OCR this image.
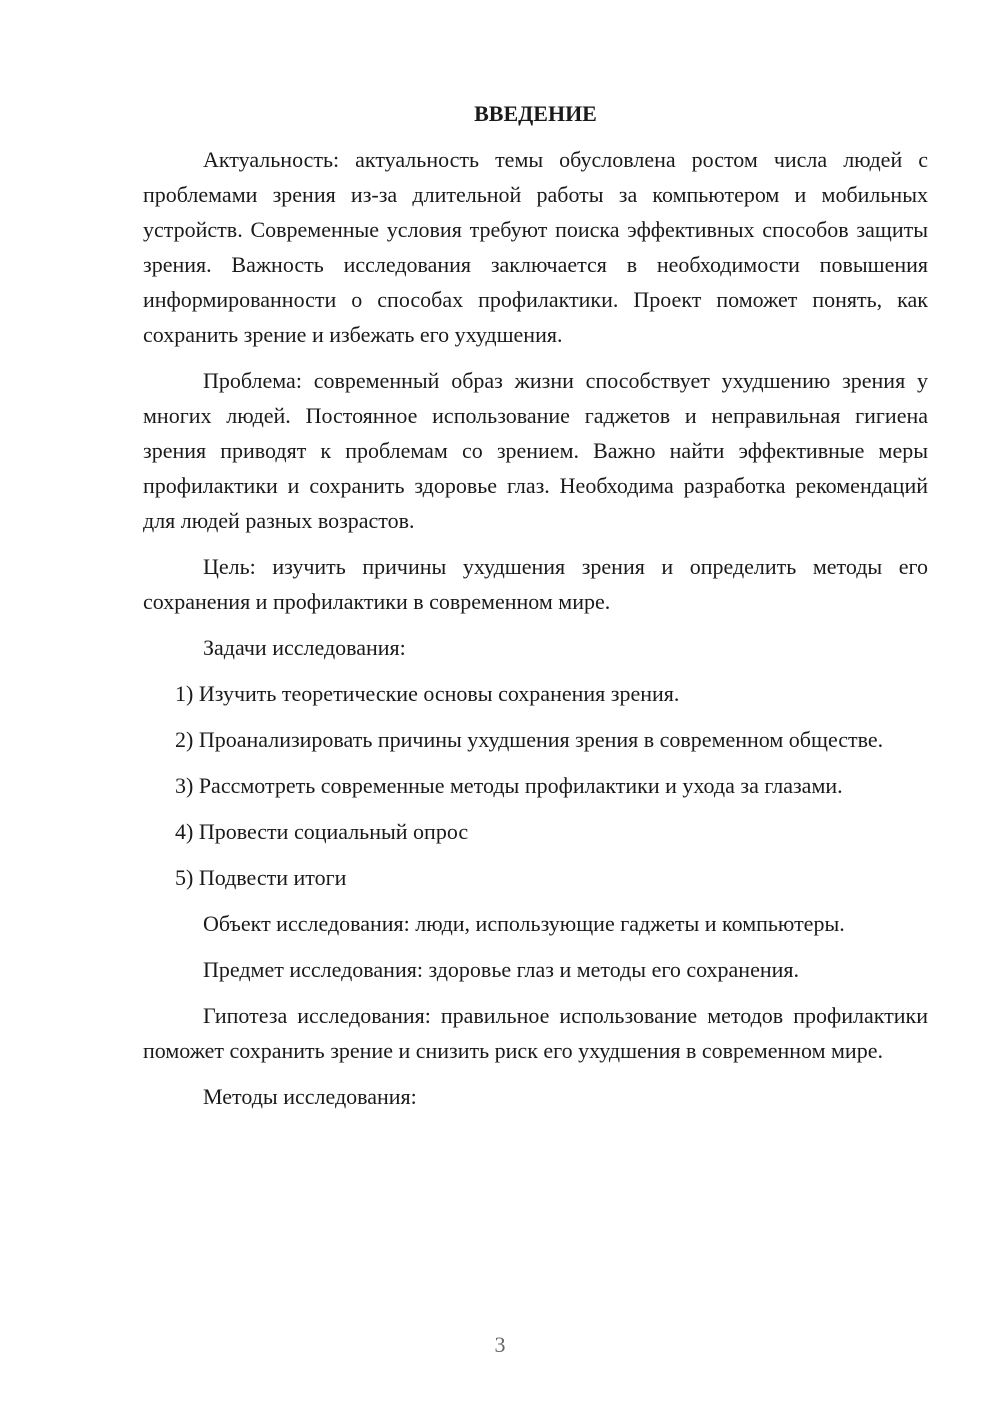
ВВЕДЕНИЕ

Актуальность: актуальность темы обусловлена ростом числа людей с проблемами зрения из-за длительной работы за компьютером и мобильных устройств. Современные условия требуют поиска эффективных способов защиты зрения. Важность исследования заключается в необходимости повышения информированности о способах профилактики. Проект поможет понять, как сохранить зрение и избежать его ухудшения.

Проблема: современный образ жизни способствует ухудшению зрения у многих людей. Постоянное использование гаджетов и неправильная гигиена зрения приводят к проблемам со зрением. Важно найти эффективные меры профилактики и сохранить здоровье глаз. Необходима разработка рекомендаций для людей разных возрастов.

Цель: изучить причины ухудшения зрения и определить методы его сохранения и профилактики в современном мире.

Задачи исследования:

1) Изучить теоретические основы сохранения зрения.

2) Проанализировать причины ухудшения зрения в современном обществе.

3) Рассмотреть современные методы профилактики и ухода за глазами.

4) Провести социальный опрос

5) Подвести итоги

Объект исследования: люди, использующие гаджеты и компьютеры.

Предмет исследования: здоровье глаз и методы его сохранения.

Гипотеза исследования: правильное использование методов профилактики поможет сохранить зрение и снизить риск его ухудшения в современном мире.

Методы исследования:

3
